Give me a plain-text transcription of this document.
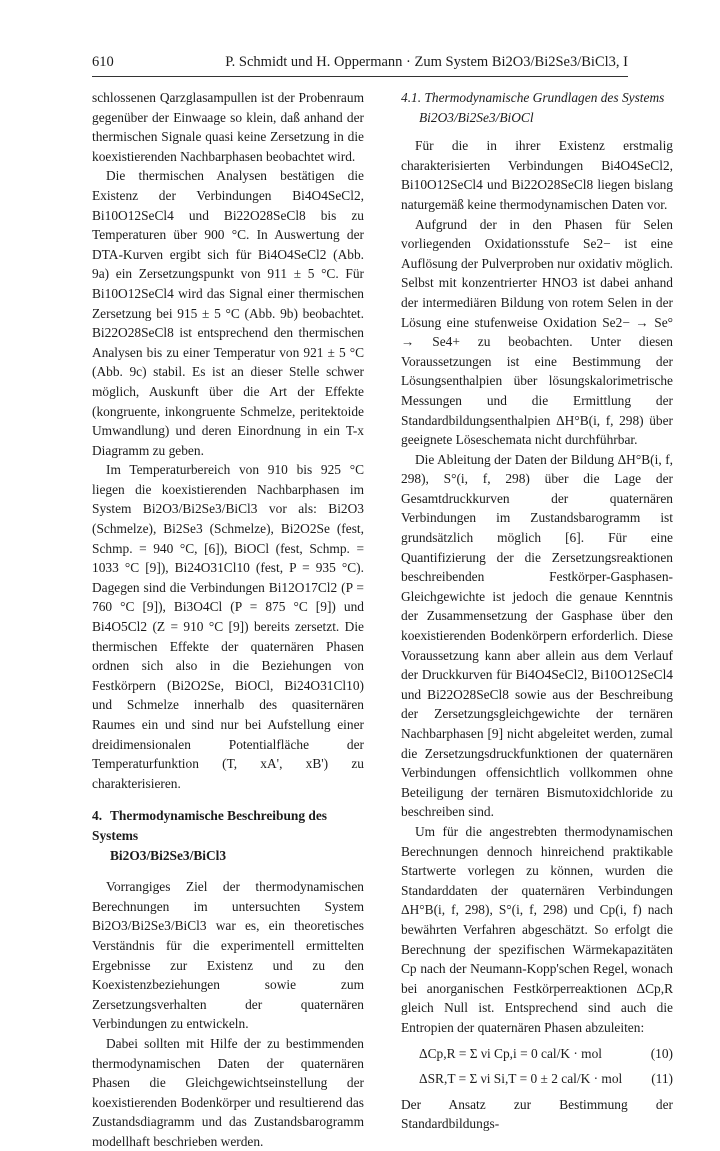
610	P. Schmidt und H. Oppermann · Zum System Bi2O3/Bi2Se3/BiCl3, I

schlossenen Qarzglasampullen ist der Probenraum gegenüber der Einwaage so klein, daß anhand der thermischen Signale quasi keine Zersetzung in die koexistierenden Nachbarphasen beobachtet wird.

Die thermischen Analysen bestätigen die Existenz der Verbindungen Bi4O4SeCl2, Bi10O12SeCl4 und Bi22O28SeCl8 bis zu Temperaturen über 900 °C. In Auswertung der DTA-Kurven ergibt sich für Bi4O4SeCl2 (Abb. 9a) ein Zersetzungspunkt von 911 ± 5 °C. Für Bi10O12SeCl4 wird das Signal einer thermischen Zersetzung bei 915 ± 5 °C (Abb. 9b) beobachtet. Bi22O28SeCl8 ist entsprechend den thermischen Analysen bis zu einer Temperatur von 921 ± 5 °C (Abb. 9c) stabil. Es ist an dieser Stelle schwer möglich, Auskunft über die Art der Effekte (kongruente, inkongruente Schmelze, peritektoide Umwandlung) und deren Einordnung in ein T-x Diagramm zu geben.

Im Temperaturbereich von 910 bis 925 °C liegen die koexistierenden Nachbarphasen im System Bi2O3/Bi2Se3/BiCl3 vor als: Bi2O3 (Schmelze), Bi2Se3 (Schmelze), Bi2O2Se (fest, Schmp. = 940 °C, [6]), BiOCl (fest, Schmp. = 1033 °C [9]), Bi24O31Cl10 (fest, P = 935 °C). Dagegen sind die Verbindungen Bi12O17Cl2 (P = 760 °C [9]), Bi3O4Cl (P = 875 °C [9]) und Bi4O5Cl2 (Z = 910 °C [9]) bereits zersetzt. Die thermischen Effekte der quaternären Phasen ordnen sich also in die Beziehungen von Festkörpern (Bi2O2Se, BiOCl, Bi24O31Cl10) und Schmelze innerhalb des quasiternären Raumes ein und sind nur bei Aufstellung einer dreidimensionalen Potentialfläche der Temperaturfunktion (T, xA', xB') zu charakterisieren.

4. Thermodynamische Beschreibung des Systems
Bi2O3/Bi2Se3/BiCl3

Vorrangiges Ziel der thermodynamischen Berechnungen im untersuchten System Bi2O3/Bi2Se3/BiCl3 war es, ein theoretisches Verständnis für die experimentell ermittelten Ergebnisse zur Existenz und zu den Koexistenzbeziehungen sowie zum Zersetzungsverhalten der quaternären Verbindungen zu entwickeln.

Dabei sollten mit Hilfe der zu bestimmenden thermodynamischen Daten der quaternären Phasen die Gleichgewichtseinstellung der koexistierenden Bodenkörper und resultierend das Zustandsdiagramm und das Zustandsbarogramm modellhaft beschrieben werden.

4.1. Thermodynamische Grundlagen des Systems
Bi2O3/Bi2Se3/BiOCl

Für die in ihrer Existenz erstmalig charakterisierten Verbindungen Bi4O4SeCl2, Bi10O12SeCl4 und Bi22O28SeCl8 liegen bislang naturgemäß keine thermodynamischen Daten vor.

Aufgrund der in den Phasen für Selen vorliegenden Oxidationsstufe Se2− ist eine Auflösung der Pulverproben nur oxidativ möglich. Selbst mit konzentrierter HNO3 ist dabei anhand der intermediären Bildung von rotem Selen in der Lösung eine stufenweise Oxidation Se2− → Se° → Se4+ zu beobachten. Unter diesen Voraussetzungen ist eine Bestimmung der Lösungsenthalpien über lösungskalorimetrische Messungen und die Ermittlung der Standardbildungsenthalpien ΔH°B(i, f, 298) über geeignete Löseschemata nicht durchführbar.

Die Ableitung der Daten der Bildung ΔH°B(i, f, 298), S°(i, f, 298) über die Lage der Gesamtdruckkurven der quaternären Verbindungen im Zustandsbarogramm ist grundsätzlich möglich [6]. Für eine Quantifizierung der die Zersetzungsreaktionen beschreibenden Festkörper-Gasphasen-Gleichgewichte ist jedoch die genaue Kenntnis der Zusammensetzung der Gasphase über den koexistierenden Bodenkörpern erforderlich. Diese Voraussetzung kann aber allein aus dem Verlauf der Druckkurven für Bi4O4SeCl2, Bi10O12SeCl4 und Bi22O28SeCl8 sowie aus der Beschreibung der Zersetzungsgleichgewichte der ternären Nachbarphasen [9] nicht abgeleitet werden, zumal die Zersetzungsdruckfunktionen der quaternären Verbindungen offensichtlich vollkommen ohne Beteiligung der ternären Bismutoxidchloride zu beschreiben sind.

Um für die angestrebten thermodynamischen Berechnungen dennoch hinreichend praktikable Startwerte vorlegen zu können, wurden die Standarddaten der quaternären Verbindungen ΔH°B(i, f, 298), S°(i, f, 298) und Cp(i, f) nach bewährten Verfahren abgeschätzt. So erfolgt die Berechnung der spezifischen Wärmekapazitäten Cp nach der Neumann-Kopp'schen Regel, wonach bei anorganischen Festkörperreaktionen ΔCp,R gleich Null ist. Entsprechend sind auch die Entropien der quaternären Phasen abzuleiten:

ΔCp,R = Σ νi Cp,i = 0 cal/K · mol	(10)
ΔSR,T = Σ νi Si,T = 0 ± 2 cal/K · mol (11)

Der Ansatz zur Bestimmung der Standardbildungs-
